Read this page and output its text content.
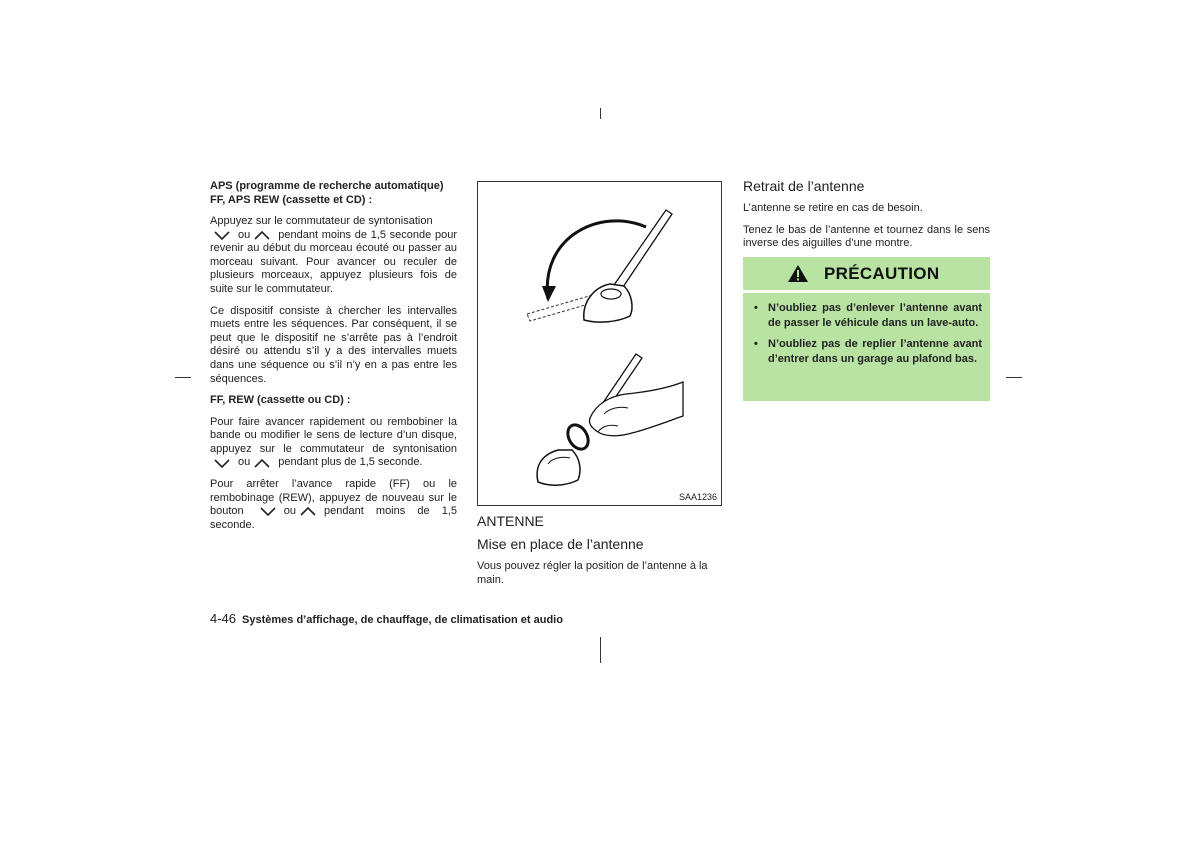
APS (programme de recherche automatique) FF, APS REW (cassette et CD) :

Appuyez sur le commutateur de syntonisation

ou	pendant moins de 1,5 seconde pour revenir au début du morceau écouté ou passer au morceau suivant. Pour avancer ou reculer de plusieurs morceaux, appuyez plusieurs fois de suite sur le commutateur.

Ce dispositif consiste à chercher les intervalles muets entre les séquences. Par conséquent, il se peut que le dispositif ne s’arrête pas à l’endroit désiré ou attendu s’il y a des intervalles muets dans une séquence ou s’il n’y en a pas entre les séquences.

FF, REW (cassette ou CD) :

Pour faire avancer rapidement ou rembobiner la bande ou modifier le sens de lecture d’un disque, appuyez sur le commutateur de syntonisation
ou	pendant plus de 1,5 seconde.

Pour arrêter l’avance rapide (FF) ou le rembobinage (REW), appuyez de nouveau sur le bouton	ou	pendant moins de 1,5 seconde.

SAA1236
ANTENNE
Mise en place de l’antenne

Vous pouvez régler la position de l’antenne à la main.

Retrait de l’antenne

L’antenne se retire en cas de besoin.

Tenez le bas de l’antenne et tournez dans le sens inverse des aiguilles d’une montre.

PRÉCAUTION
• N’oubliez pas d’enlever l’antenne avant de passer le véhicule dans un lave-auto.
• N’oubliez pas de replier l’antenne avant d’entrer dans un garage au plafond bas.
4-46 Systèmes d’affichage, de chauffage, de climatisation et audio
